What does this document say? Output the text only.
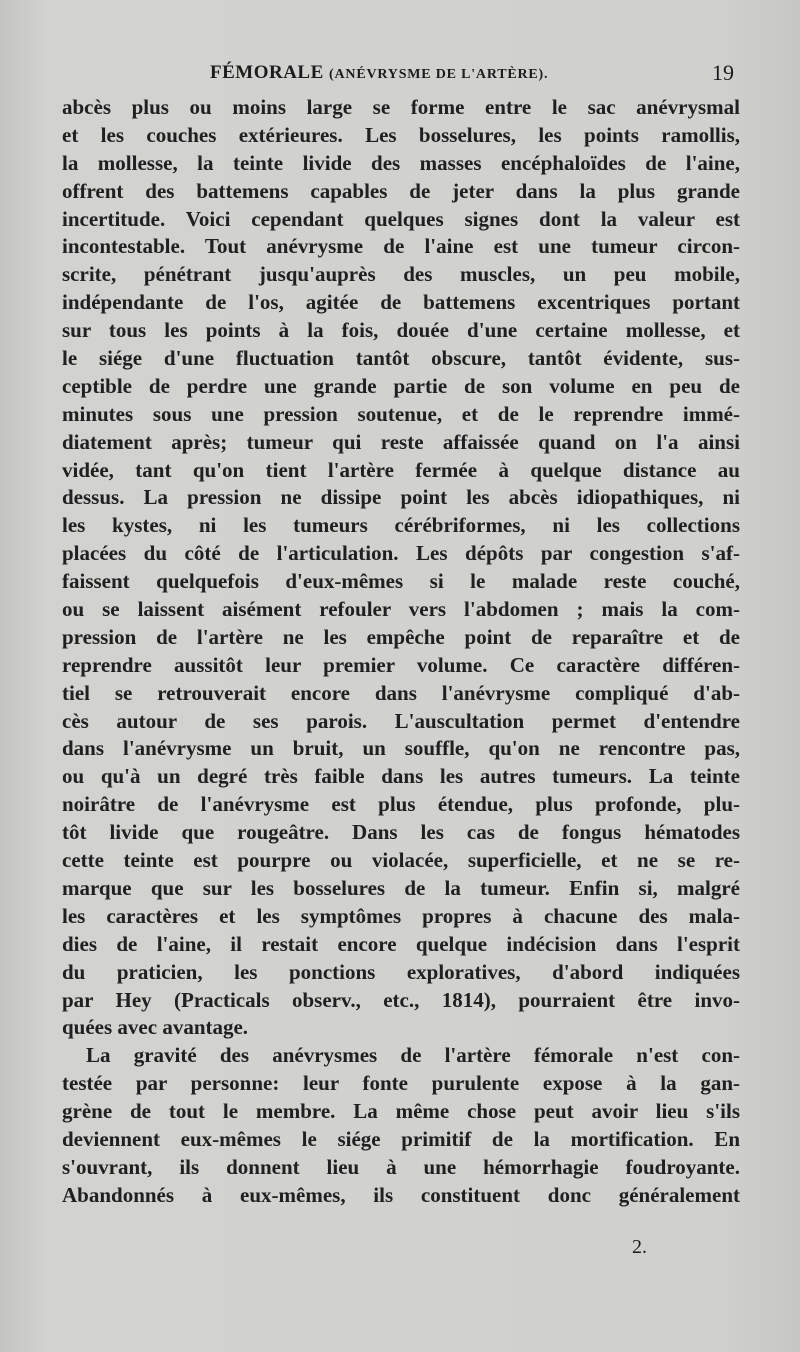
FÉMORALE (ANÉVRYSME DE L'ARTÈRE).	19
abcès plus ou moins large se forme entre le sac anévrysmal
et les couches extérieures. Les bosselures, les points ramollis,
la mollesse, la teinte livide des masses encéphaloïdes de l'aine,
offrent des battemens capables de jeter dans la plus grande
incertitude. Voici cependant quelques signes dont la valeur est
incontestable. Tout anévrysme de l'aine est une tumeur circon-
scrite, pénétrant jusqu'auprès des muscles, un peu mobile,
indépendante de l'os, agitée de battemens excentriques portant
sur tous les points à la fois, douée d'une certaine mollesse, et
le siége d'une fluctuation tantôt obscure, tantôt évidente, sus-
ceptible de perdre une grande partie de son volume en peu de
minutes sous une pression soutenue, et de le reprendre immé-
diatement après; tumeur qui reste affaissée quand on l'a ainsi
vidée, tant qu'on tient l'artère fermée à quelque distance au
dessus. La pression ne dissipe point les abcès idiopathiques, ni
les kystes, ni les tumeurs cérébriformes, ni les collections
placées du côté de l'articulation. Les dépôts par congestion s'af-
faissent quelquefois d'eux-mêmes si le malade reste couché,
ou se laissent aisément refouler vers l'abdomen ; mais la com-
pression de l'artère ne les empêche point de reparaître et de
reprendre aussitôt leur premier volume. Ce caractère différen-
tiel se retrouverait encore dans l'anévrysme compliqué d'ab-
cès autour de ses parois. L'auscultation permet d'entendre
dans l'anévrysme un bruit, un souffle, qu'on ne rencontre pas,
ou qu'à un degré très faible dans les autres tumeurs. La teinte
noirâtre de l'anévrysme est plus étendue, plus profonde, plu-
tôt livide que rougeâtre. Dans les cas de fongus hématodes
cette teinte est pourpre ou violacée, superficielle, et ne se re-
marque que sur les bosselures de la tumeur. Enfin si, malgré
les caractères et les symptômes propres à chacune des mala-
dies de l'aine, il restait encore quelque indécision dans l'esprit
du praticien, les ponctions exploratives, d'abord indiquées
par Hey (Practicals observ., etc., 1814), pourraient être invo-
quées avec avantage.
La gravité des anévrysmes de l'artère fémorale n'est con-
testée par personne: leur fonte purulente expose à la gan-
grène de tout le membre. La même chose peut avoir lieu s'ils
deviennent eux-mêmes le siége primitif de la mortification. En
s'ouvrant, ils donnent lieu à une hémorrhagie foudroyante.
Abandonnés à eux-mêmes, ils constituent donc généralement
2.
